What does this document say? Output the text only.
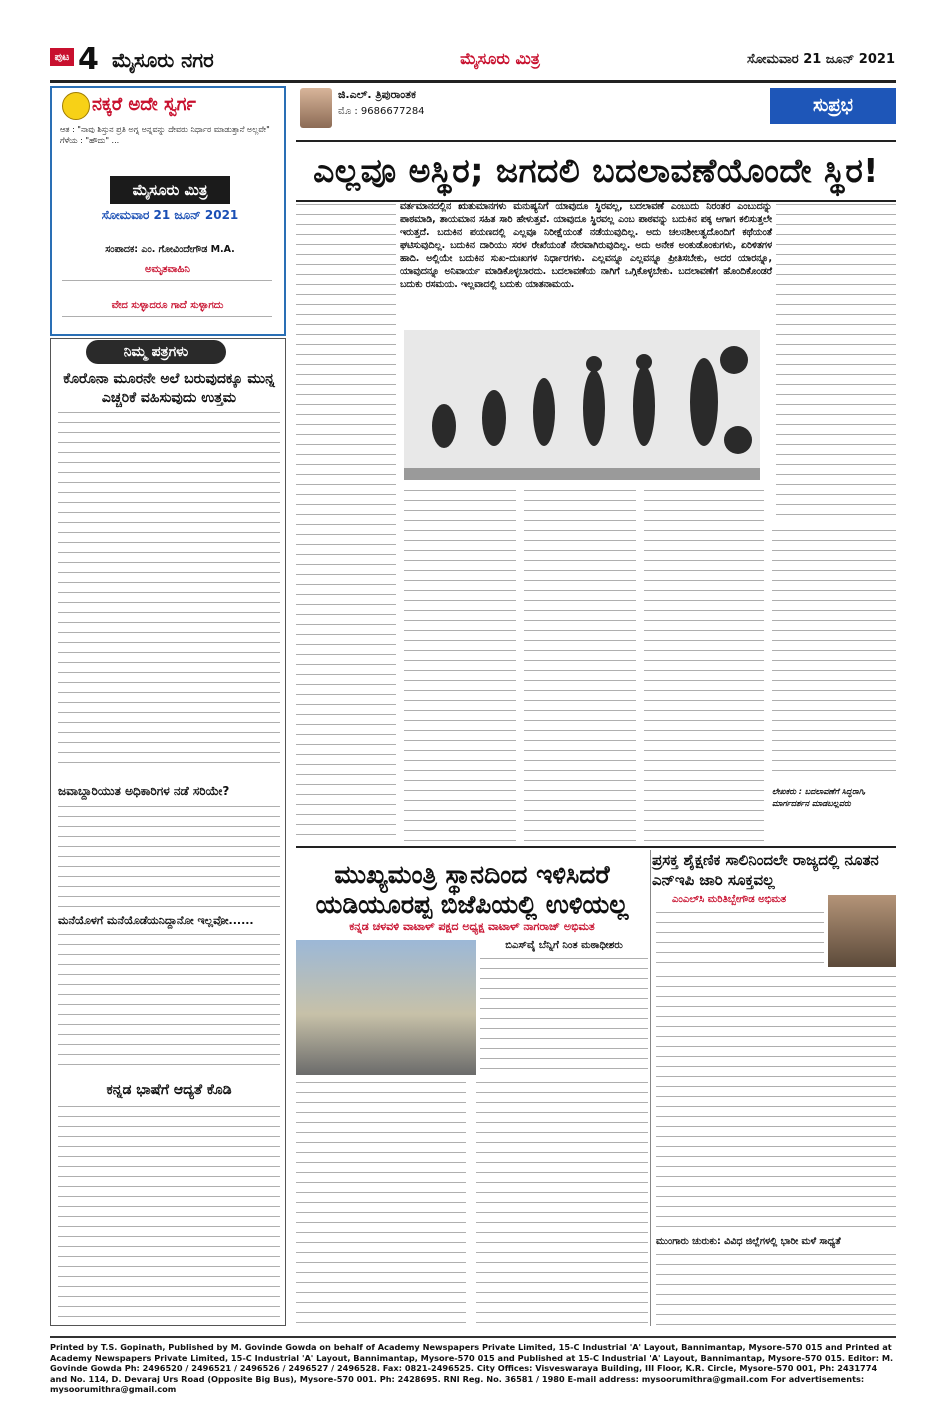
ಪುಟ 4 ಮೈಸೂರು ನಗರ	ಮೈಸೂರು ಮಿತ್ರ	ಸೋಮವಾರ 21 ಜೂನ್ 2021
ನಕ್ಕರೆ ಅದೇ ಸ್ವರ್ಗ
ಆತ : "ನಾವು ಶಿಸ್ತುನ ಪ್ರತಿ ಅಗ್ನ ಅನ್ನವನ್ನು ದೇವರು ನಿರ್ಧಾರ ಮಾಡುತ್ತಾನೆ ಅಲ್ಲವೇ" ಗೆಳೆಯ : "ಹೌದು" ...
ಮೈಸೂರು ಮಿತ್ರ
ಸೋಮವಾರ 21 ಜೂನ್ 2021
ಸಂಪಾದಕ: ಎಂ. ಗೋವಿಂದೇಗೌಡ M.A.
ಅಮೃತವಾಹಿನಿ
ವೇದ ಸುಳ್ಳಾದರೂ ಗಾದೆ ಸುಳ್ಳಾಗದು
ನಿಮ್ಮ ಪತ್ರಗಳು
ಕೊರೊನಾ ಮೂರನೇ ಅಲೆ ಬರುವುದಕ್ಕೂ ಮುನ್ನ ಎಚ್ಚರಿಕೆ ವಹಿಸುವುದು ಉತ್ತಮ
ಜವಾಬ್ದಾರಿಯುತ ಅಧಿಕಾರಿಗಳ ನಡೆ ಸರಿಯೇ?
ಮನೆಯೊಳಗೆ ಮನೆಯೊಡೆಯನಿದ್ದಾನೋ ಇಲ್ಲವೋ......
ಕನ್ನಡ ಭಾಷೆಗೆ ಆದ್ಯತೆ ಕೊಡಿ
ಜಿ.ಎಲ್. ತ್ರಿಪುರಾಂತಕ
ಮೊ : 9686677284	ಸುಪ್ರಭ
ಎಲ್ಲವೂ ಅಸ್ಥಿರ; ಜಗದಲಿ ಬದಲಾವಣೆಯೊಂದೇ ಸ್ಥಿರ!
ವರ್ತಮಾನದಲ್ಲಿನ ಋತುಮಾನಗಳು ಮನುಷ್ಯನಿಗೆ ಯಾವುದೂ ಸ್ಥಿರವಲ್ಲ, ಬದಲಾವಣೆ ಎಂಬುದು ನಿರಂತರ ಎಂಬುದನ್ನು ಪಾಠಮಾಡಿ, ತಾಯಮಾನ ಸಹಿತ ಸಾರಿ ಹೇಳುತ್ತವೆ. ಯಾವುದೂ ಸ್ಥಿರವಲ್ಲ ಎಂಬ ಪಾಠವನ್ನು ಬದುಕಿನ ಪಕ್ಕ ಆಗಾಗ ಕಲಿಸುತ್ತಲೇ ಇರುತ್ತದೆ. ಬದುಕಿನ ಪಯಣದಲ್ಲಿ ಎಲ್ಲವೂ ನಿರೀಕ್ಷೆಯಂತೆ ನಡೆಯುವುದಿಲ್ಲ. ಅದು ಚಲನಶೀಲತ್ವದೊಂದಿಗೆ ಕಥೆಯಂತೆ ಘಟಿಸುವುದಿಲ್ಲ. ಬದುಕಿನ ದಾರಿಯು ಸರಳ ರೇಖೆಯಂತೆ ನೇರವಾಗಿರುವುದಿಲ್ಲ. ಅದು ಅನೇಕ ಅಂಕುಡೊಂಕುಗಳು, ಏರಿಳಿತಗಳ ಹಾದಿ. ಅಲ್ಲಿಯೇ ಬದುಕಿನ ಸುಖ-ದುಃಖಗಳ ನಿರ್ಧಾರಗಳು. ಎಲ್ಲವನ್ನೂ ಎಲ್ಲವನ್ನೂ ಪ್ರೀತಿಸಬೇಕು, ಅದರ ಯಾರನ್ನೂ, ಯಾವುದನ್ನೂ ಅನಿವಾರ್ಯ ಮಾಡಿಕೊಳ್ಳಬಾರದು. ಬದಲಾವಣೆಯ ನಾಗಿಗೆ ಒಗ್ಗಿಕೊಳ್ಳಬೇಕು. ಬದಲಾವಣೆಗೆ ಹೊಂದಿಕೊಂಡರೆ ಬದುಕು ರಸಮಯ. ಇಲ್ಲವಾದಲ್ಲಿ ಬದುಕು ಯಾತನಾಮಯ.
ಲೇಖಕರು : ಬದಲಾವಣೆಗೆ ಸಿದ್ಧರಾಗಿ, ಮಾರ್ಗದರ್ಶನ ಮಾಡಬಲ್ಲವರು
ಮುಖ್ಯಮಂತ್ರಿ ಸ್ಥಾನದಿಂದ ಇಳಿಸಿದರೆ ಯಡಿಯೂರಪ್ಪ ಬಿಜೆಪಿಯಲ್ಲಿ ಉಳಿಯಲ್ಲ
ಕನ್ನಡ ಚಳವಳಿ ವಾಟಾಳ್ ಪಕ್ಷದ ಅಧ್ಯಕ್ಷ ವಾಟಾಳ್ ನಾಗರಾಜ್ ಅಭಿಮತ
ಬಿಎಸ್‌ವೈ ಬೆನ್ನಿಗೆ ನಿಂತ ಮಠಾಧೀಶರು
ಪ್ರಸಕ್ತ ಶೈಕ್ಷಣಿಕ ಸಾಲಿನಿಂದಲೇ ರಾಜ್ಯದಲ್ಲಿ ನೂತನ ಎನ್‌ಇಪಿ ಜಾರಿ ಸೂಕ್ತವಲ್ಲ
ಎಂಎಲ್‌ಸಿ ಮರಿತಿಬ್ಬೇಗೌಡ ಅಭಿಮತ
ಮುಂಗಾರು ಚುರುಕು: ವಿವಿಧ ಜಿಲ್ಲೆಗಳಲ್ಲಿ ಭಾರೀ ಮಳೆ ಸಾಧ್ಯತೆ
Printed by T.S. Gopinath, Published by M. Govinde Gowda on behalf of Academy Newspapers Private Limited, 15-C Industrial 'A' Layout, Bannimantap, Mysore-570 015 and Printed at Academy Newspapers Private Limited, 15-C Industrial 'A' Layout, Bannimantap, Mysore-570 015 and Published at 15-C Industrial 'A' Layout, Bannimantap, Mysore-570 015. Editor: M. Govinde Gowda Ph: 2496520 / 2496521 / 2496526 / 2496527 / 2496528. Fax: 0821-2496525. City Offices: Visveswaraya Building, III Floor, K.R. Circle, Mysore-570 001, Ph: 2431774 and No. 114, D. Devaraj Urs Road (Opposite Big Bus), Mysore-570 001. Ph: 2428695. RNI Reg. No. 36581 / 1980 E-mail address: mysoorumithra@gmail.com For advertisements: mysoorumithra@gmail.com
